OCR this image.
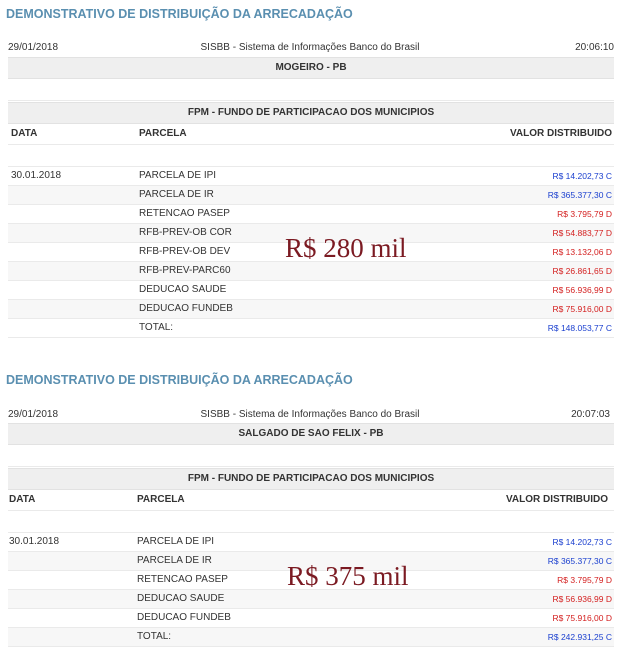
DEMONSTRATIVO DE DISTRIBUIÇÃO DA ARRECADAÇÃO
29/01/2018	SISBB - Sistema de Informações Banco do Brasil	20:06:10
MOGEIRO - PB
FPM - FUNDO DE PARTICIPACAO DOS MUNICIPIOS
DATA	PARCELA	VALOR DISTRIBUIDO
30.01.2018	PARCELA DE IPI	R$ 14.202,73 C
PARCELA DE IR	R$ 365.377,30 C
RETENCAO PASEP	R$ 3.795,79 D
RFB-PREV-OB COR	R$ 54.883,77 D
RFB-PREV-OB DEV	R$ 13.132,06 D
RFB-PREV-PARC60	R$ 26.861,65 D
DEDUCAO SAUDE	R$ 56.936,99 D
DEDUCAO FUNDEB	R$ 75.916,00 D
TOTAL:	R$ 148.053,77 C
R$ 280 mil
DEMONSTRATIVO DE DISTRIBUIÇÃO DA ARRECADAÇÃO
29/01/2018	SISBB - Sistema de Informações Banco do Brasil	20:07:03
SALGADO DE SAO FELIX - PB
FPM - FUNDO DE PARTICIPACAO DOS MUNICIPIOS
DATA	PARCELA	VALOR DISTRIBUIDO
30.01.2018	PARCELA DE IPI	R$ 14.202,73 C
PARCELA DE IR	R$ 365.377,30 C
RETENCAO PASEP	R$ 3.795,79 D
DEDUCAO SAUDE	R$ 56.936,99 D
DEDUCAO FUNDEB	R$ 75.916,00 D
TOTAL:	R$ 242.931,25 C
R$ 375 mil
